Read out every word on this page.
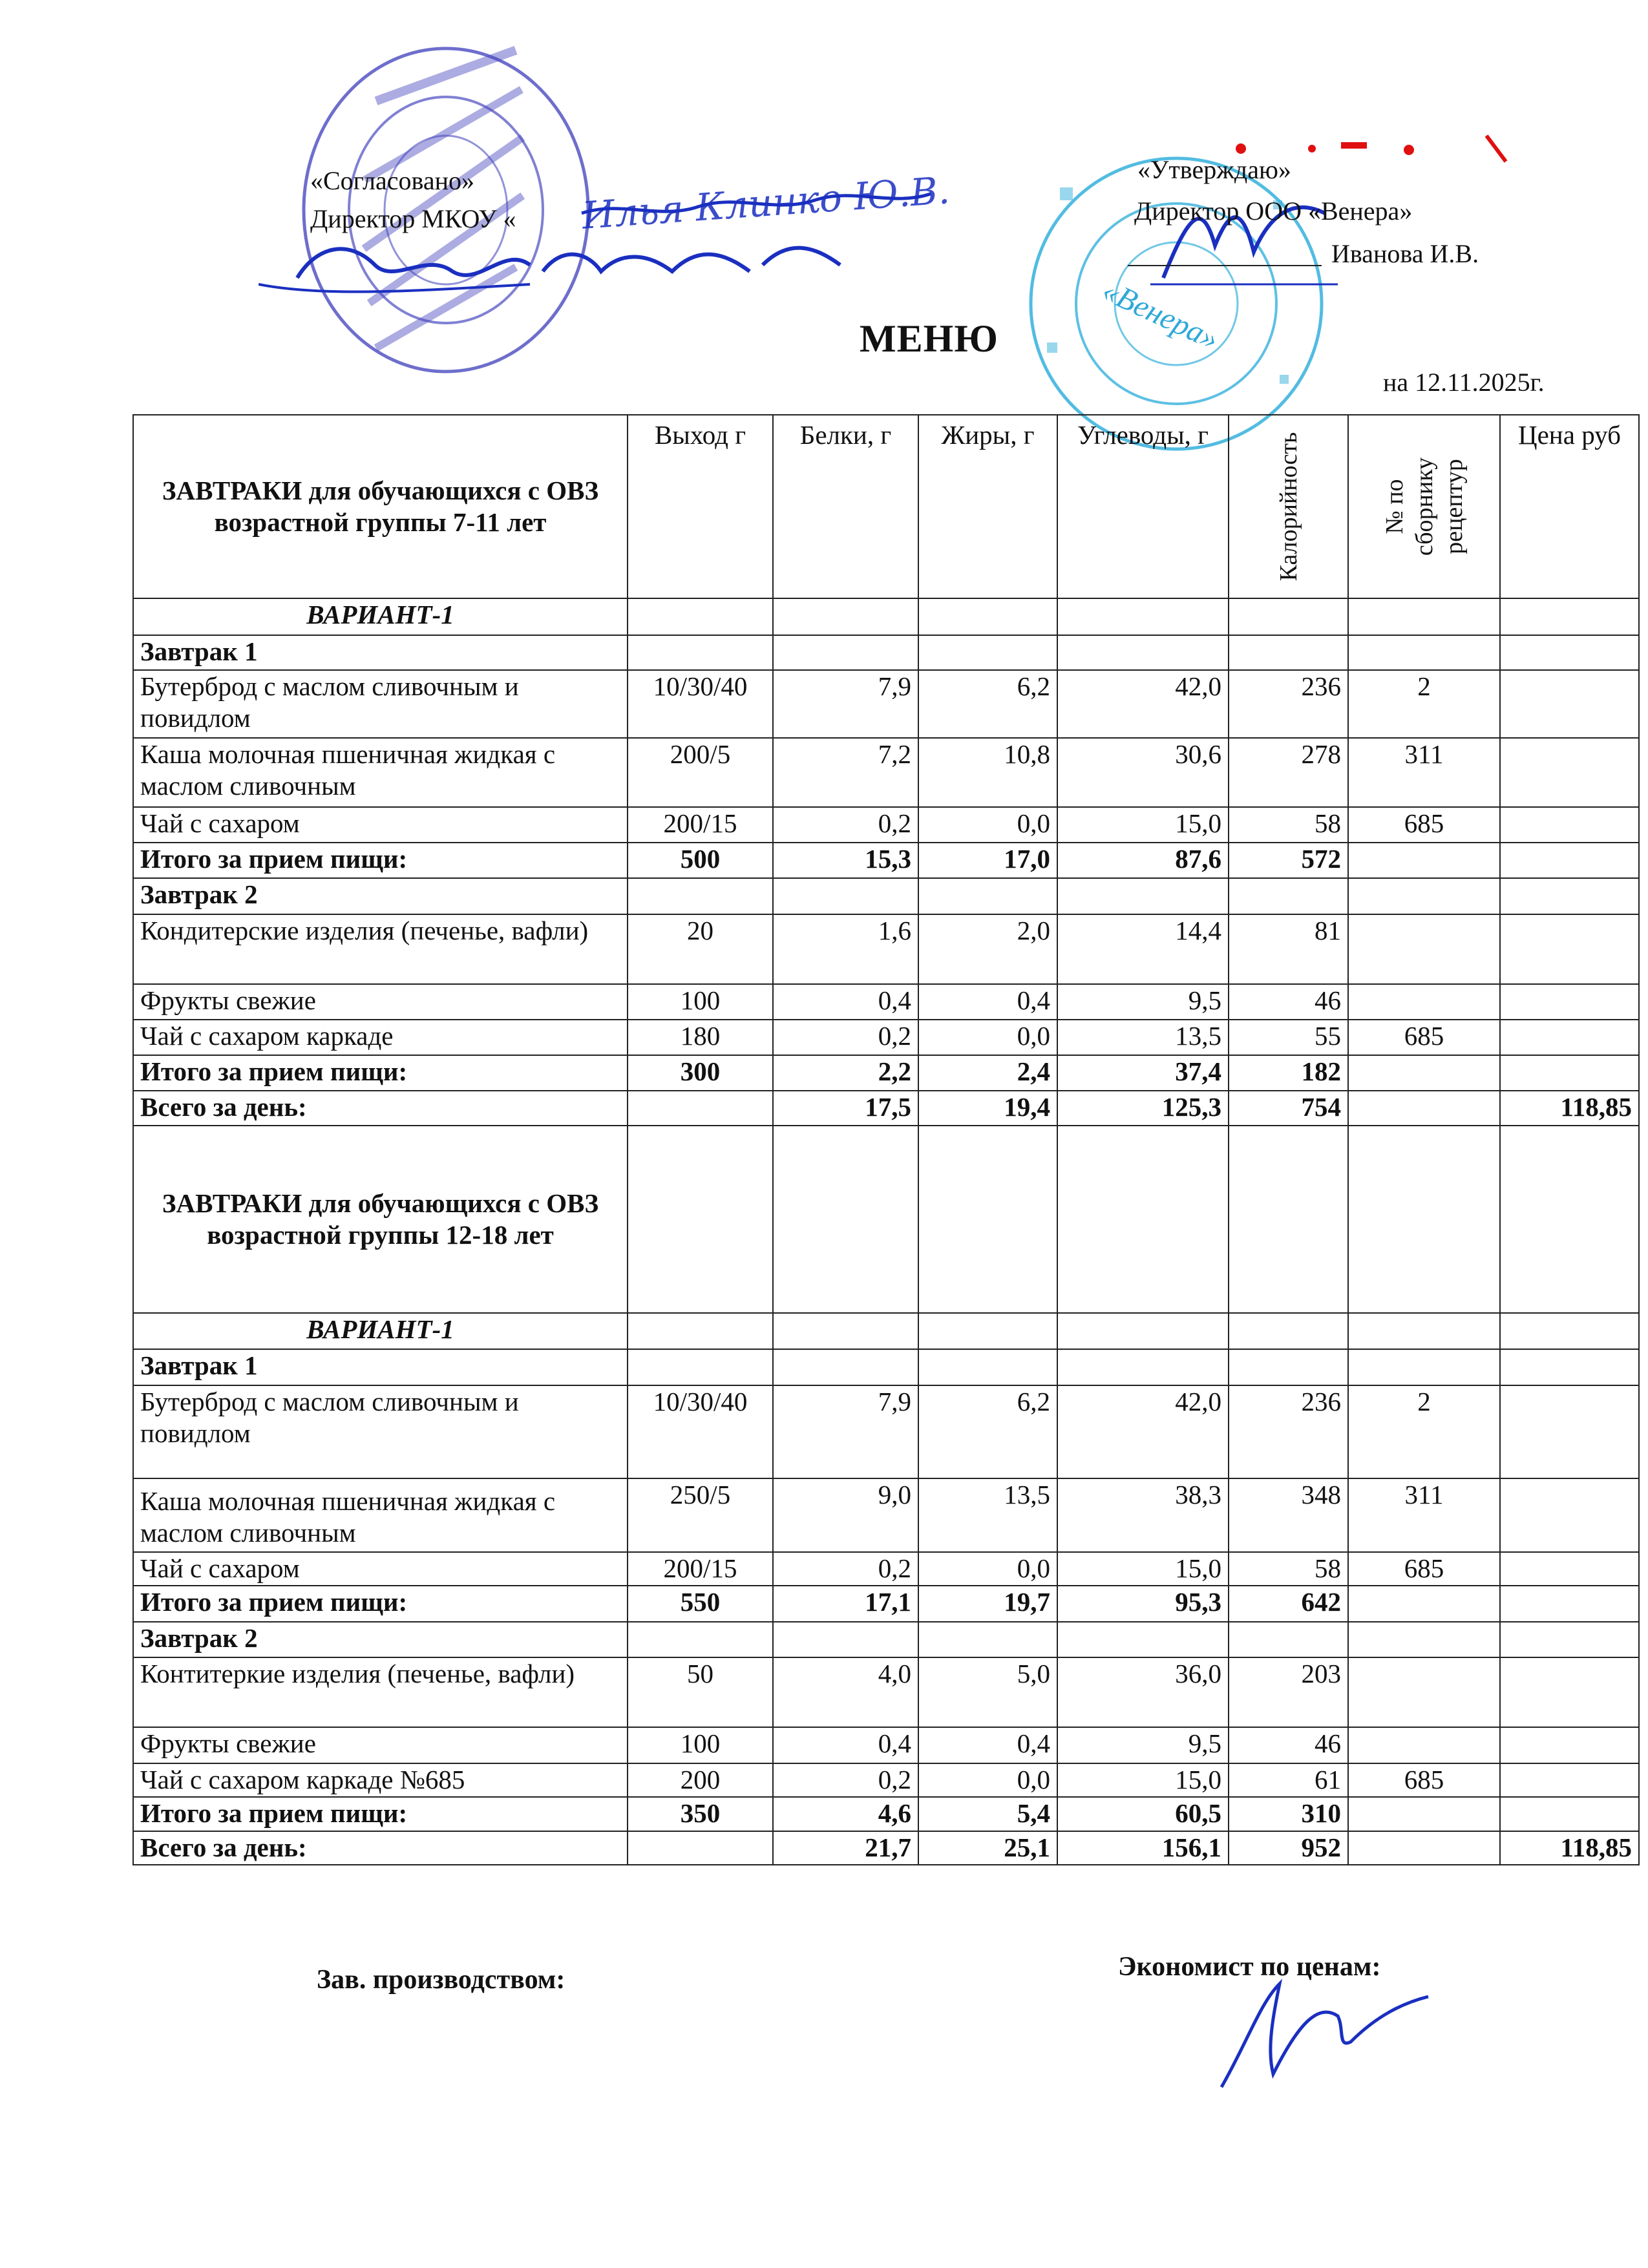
«Венера»
Илья Клинко Ю.В.
«Согласовано»
Директор МКОУ «
«Утверждаю»
Директор ООО «Венера»
Иванова И.В.
МЕНЮ
на 12.11.2025г.
ЗАВТРАКИ для обучающихся с ОВЗ возрастной группы 7-11 лет	Выход г	Белки, г	Жиры, г	Углеводы, г	Калорийность	№ по сборнику рецептур	Цена руб
ВАРИАНТ-1							
Завтрак 1							
Бутерброд с маслом сливочным и повидлом	10/30/40	7,9	6,2	42,0	236	2	
Каша молочная пшеничная жидкая с маслом сливочным	200/5	7,2	10,8	30,6	278	311	
Чай с сахаром	200/15	0,2	0,0	15,0	58	685	
Итого за прием пищи:	500	15,3	17,0	87,6	572		
Завтрак 2							
Кондитерские изделия (печенье, вафли)	20	1,6	2,0	14,4	81		
Фрукты свежие	100	0,4	0,4	9,5	46		
Чай с сахаром каркаде	180	0,2	0,0	13,5	55	685	
Итого за прием пищи:	300	2,2	2,4	37,4	182		
Всего за день:		17,5	19,4	125,3	754		118,85
ЗАВТРАКИ для обучающихся с ОВЗ возрастной группы 12-18 лет							
ВАРИАНТ-1							
Завтрак 1							
Бутерброд с маслом сливочным и повидлом	10/30/40	7,9	6,2	42,0	236	2	
Каша молочная пшеничная жидкая с маслом сливочным	250/5	9,0	13,5	38,3	348	311	
Чай с сахаром	200/15	0,2	0,0	15,0	58	685	
Итого за прием пищи:	550	17,1	19,7	95,3	642		
Завтрак 2							
Контитеркие изделия (печенье, вафли)	50	4,0	5,0	36,0	203		
Фрукты свежие	100	0,4	0,4	9,5	46		
Чай с сахаром каркаде №685	200	0,2	0,0	15,0	61	685	
Итого за прием пищи:	350	4,6	5,4	60,5	310		
Всего за день:		21,7	25,1	156,1	952		118,85
Зав. производством:	Экономист по ценам:
